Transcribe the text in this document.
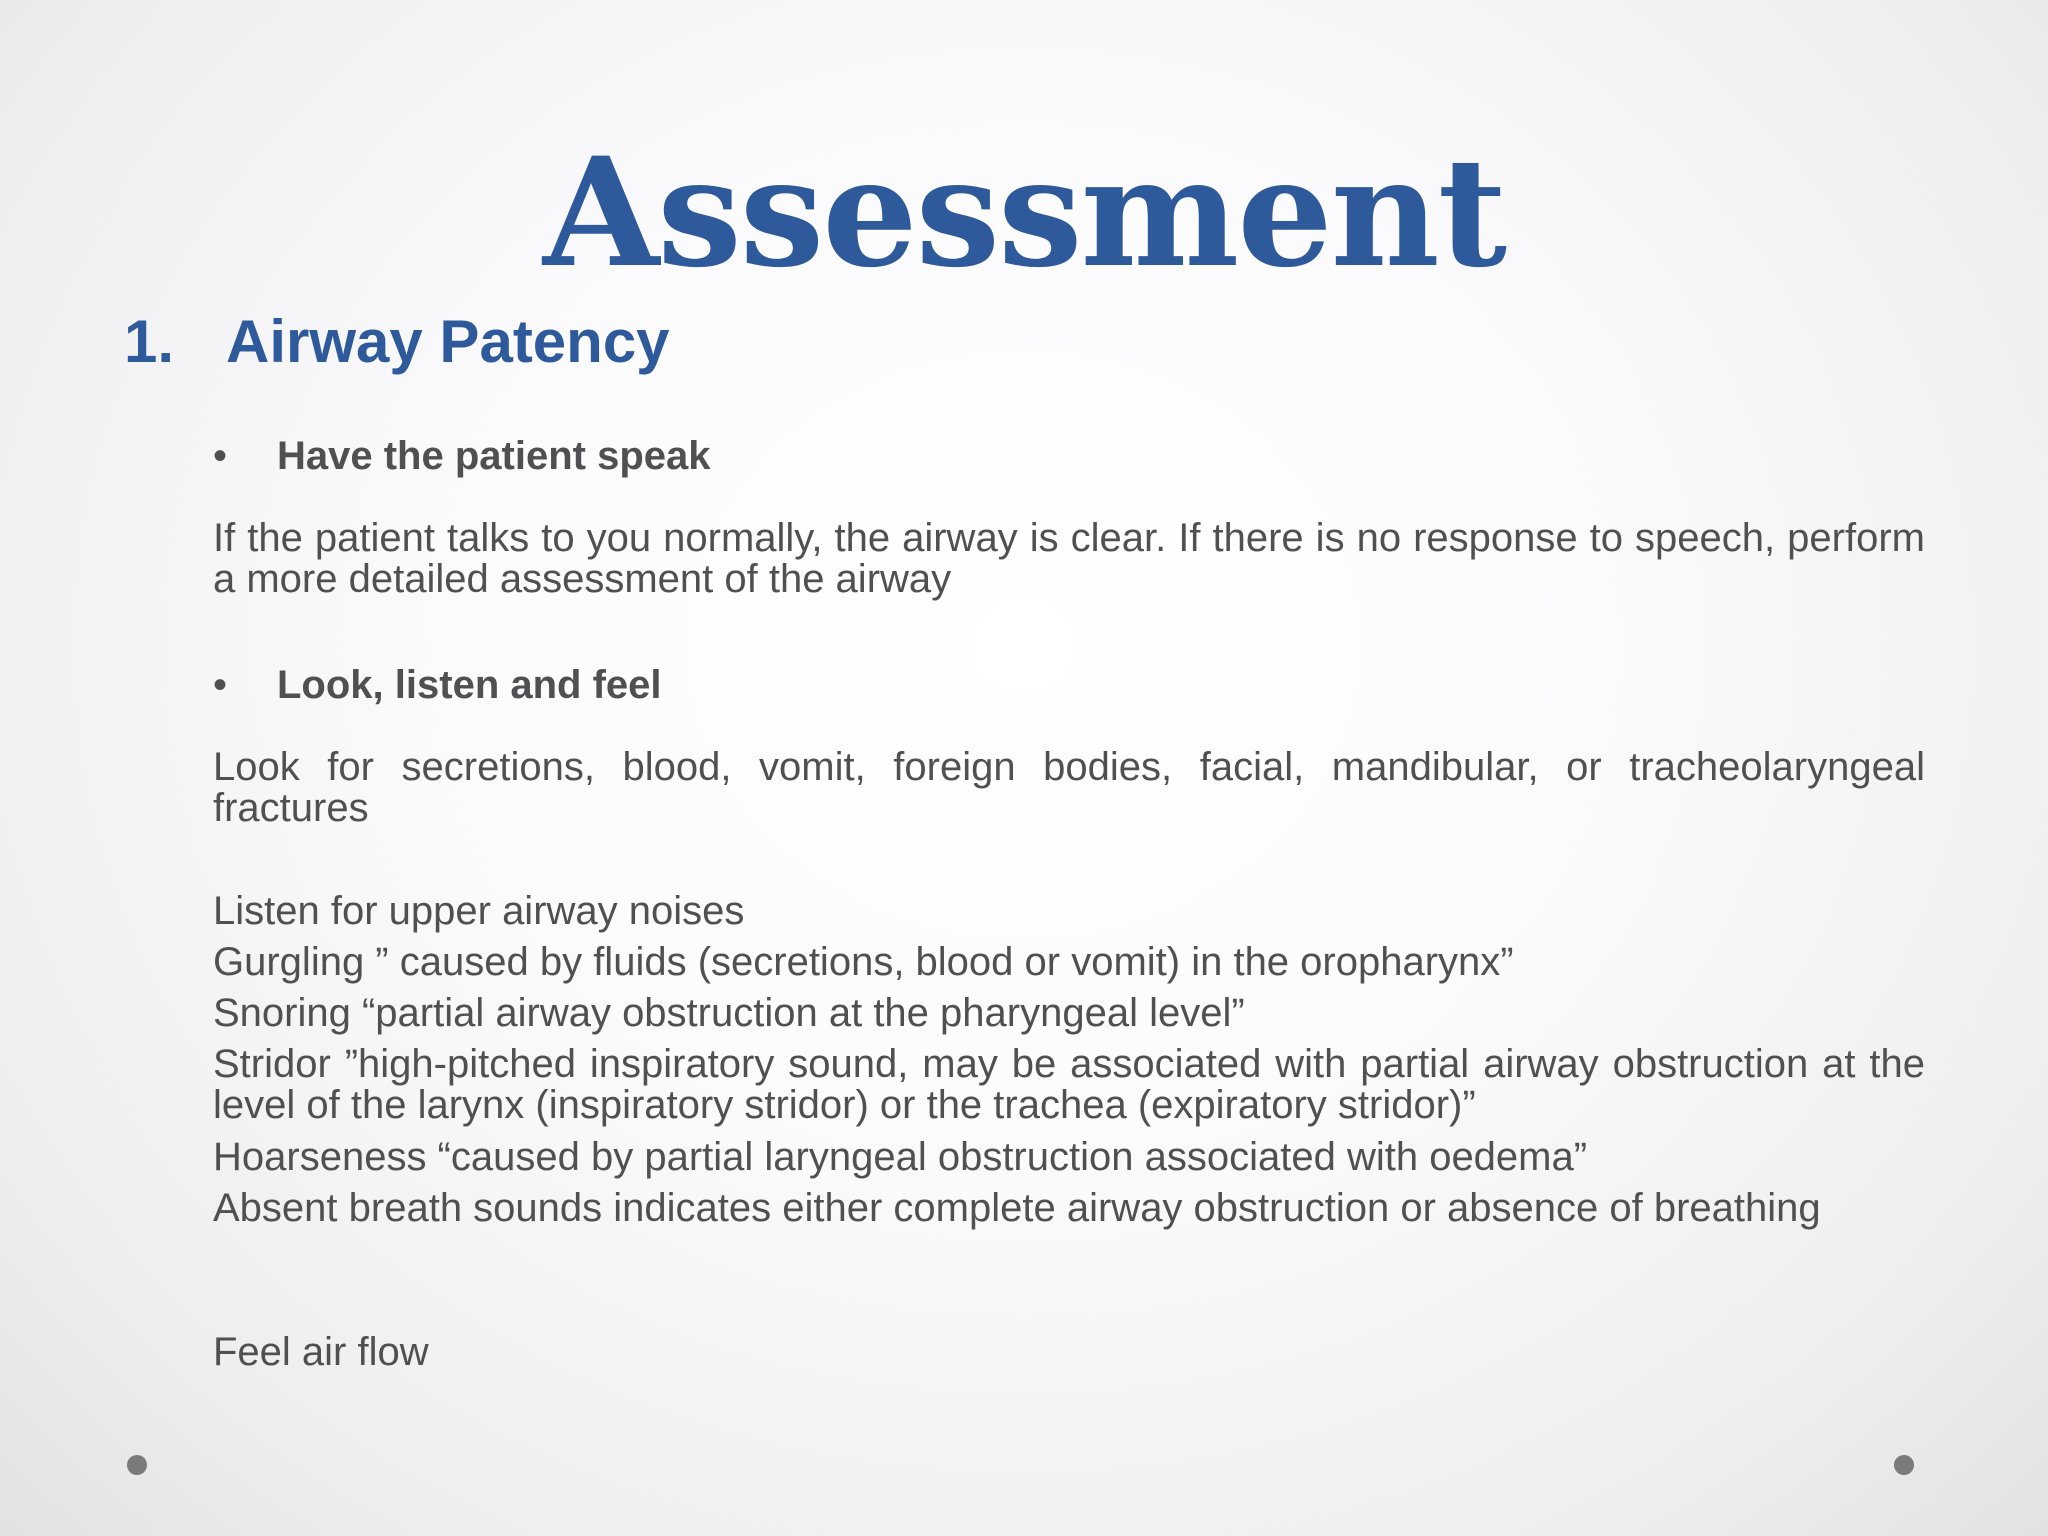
Assessment
1. Airway Patency
• Have the patient speak
If the patient talks to you normally, the airway is clear. If there is no response to speech, perform a more detailed assessment of the airway
• Look, listen and feel
Look for secretions, blood, vomit, foreign bodies, facial, mandibular, or tracheolaryngeal fractures
Listen for upper airway noises
Gurgling ” caused by fluids (secretions, blood or vomit) in the oropharynx”
Snoring “partial airway obstruction at the pharyngeal level”
Stridor ”high-pitched inspiratory sound, may be associated with partial airway obstruction at the level of the larynx (inspiratory stridor) or the trachea (expiratory stridor)”
Hoarseness “caused by partial laryngeal obstruction associated with oedema”
Absent breath sounds indicates either complete airway obstruction or absence of breathing
Feel air flow
